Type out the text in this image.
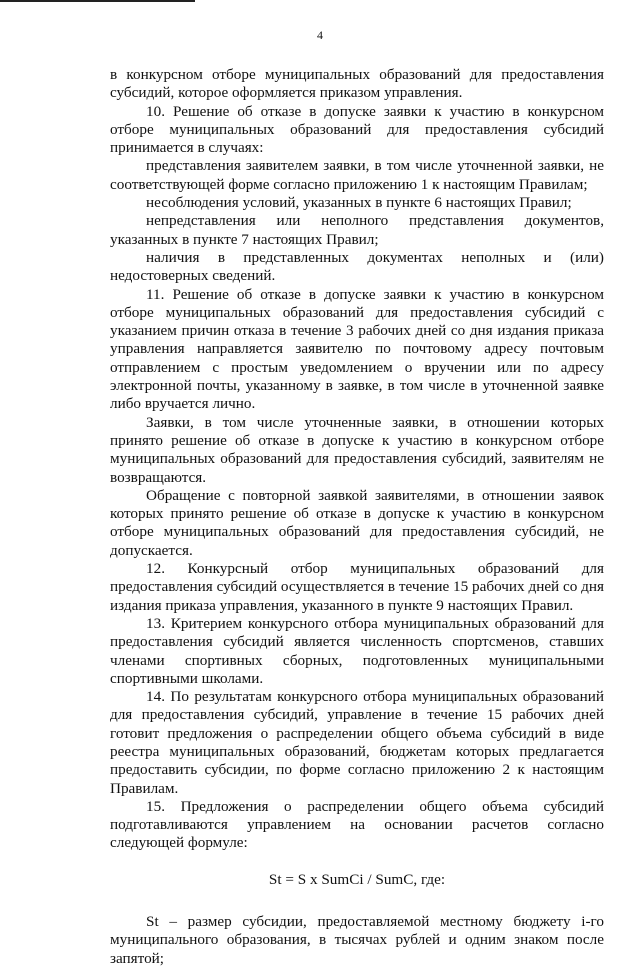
4

в конкурсном отборе муниципальных образований для предоставления субсидий, которое оформляется приказом управления.

10. Решение об отказе в допуске заявки к участию в конкурсном отборе муниципальных образований для предоставления субсидий принимается в случаях:

представления заявителем заявки, в том числе уточненной заявки, не соответствующей форме согласно приложению 1 к настоящим Правилам;

несоблюдения условий, указанных в пункте 6 настоящих Правил;

непредставления или неполного представления документов, указанных в пункте 7 настоящих Правил;

наличия в представленных документах неполных и (или) недостоверных сведений.

11. Решение об отказе в допуске заявки к участию в конкурсном отборе муниципальных образований для предоставления субсидий с указанием причин отказа в течение 3 рабочих дней со дня издания приказа управления направляется заявителю по почтовому адресу почтовым отправлением с простым уведомлением о вручении или по адресу электронной почты, указанному в заявке, в том числе в уточненной заявке либо вручается лично.

Заявки, в том числе уточненные заявки, в отношении которых принято решение об отказе в допуске к участию в конкурсном отборе муниципальных образований для предоставления субсидий, заявителям не возвращаются.

Обращение с повторной заявкой заявителями, в отношении заявок которых принято решение об отказе в допуске к участию в конкурсном отборе муниципальных образований для предоставления субсидий, не допускается.

12. Конкурсный отбор муниципальных образований для предоставления субсидий осуществляется в течение 15 рабочих дней со дня издания приказа управления, указанного в пункте 9 настоящих Правил.

13. Критерием конкурсного отбора муниципальных образований для предоставления субсидий является численность спортсменов, ставших членами спортивных сборных, подготовленных муниципальными спортивными школами.

14. По результатам конкурсного отбора муниципальных образований для предоставления субсидий, управление в течение 15 рабочих дней готовит предложения о распределении общего объема субсидий в виде реестра муниципальных образований, бюджетам которых предлагается предоставить субсидии, по форме согласно приложению 2 к настоящим Правилам.

15. Предложения о распределении общего объема субсидий подготавливаются управлением на основании расчетов согласно следующей формуле:

St = S x SumCi / SumC, где:

St – размер субсидии, предоставляемой местному бюджету i-го муниципального образования, в тысячах рублей и одним знаком после запятой;
